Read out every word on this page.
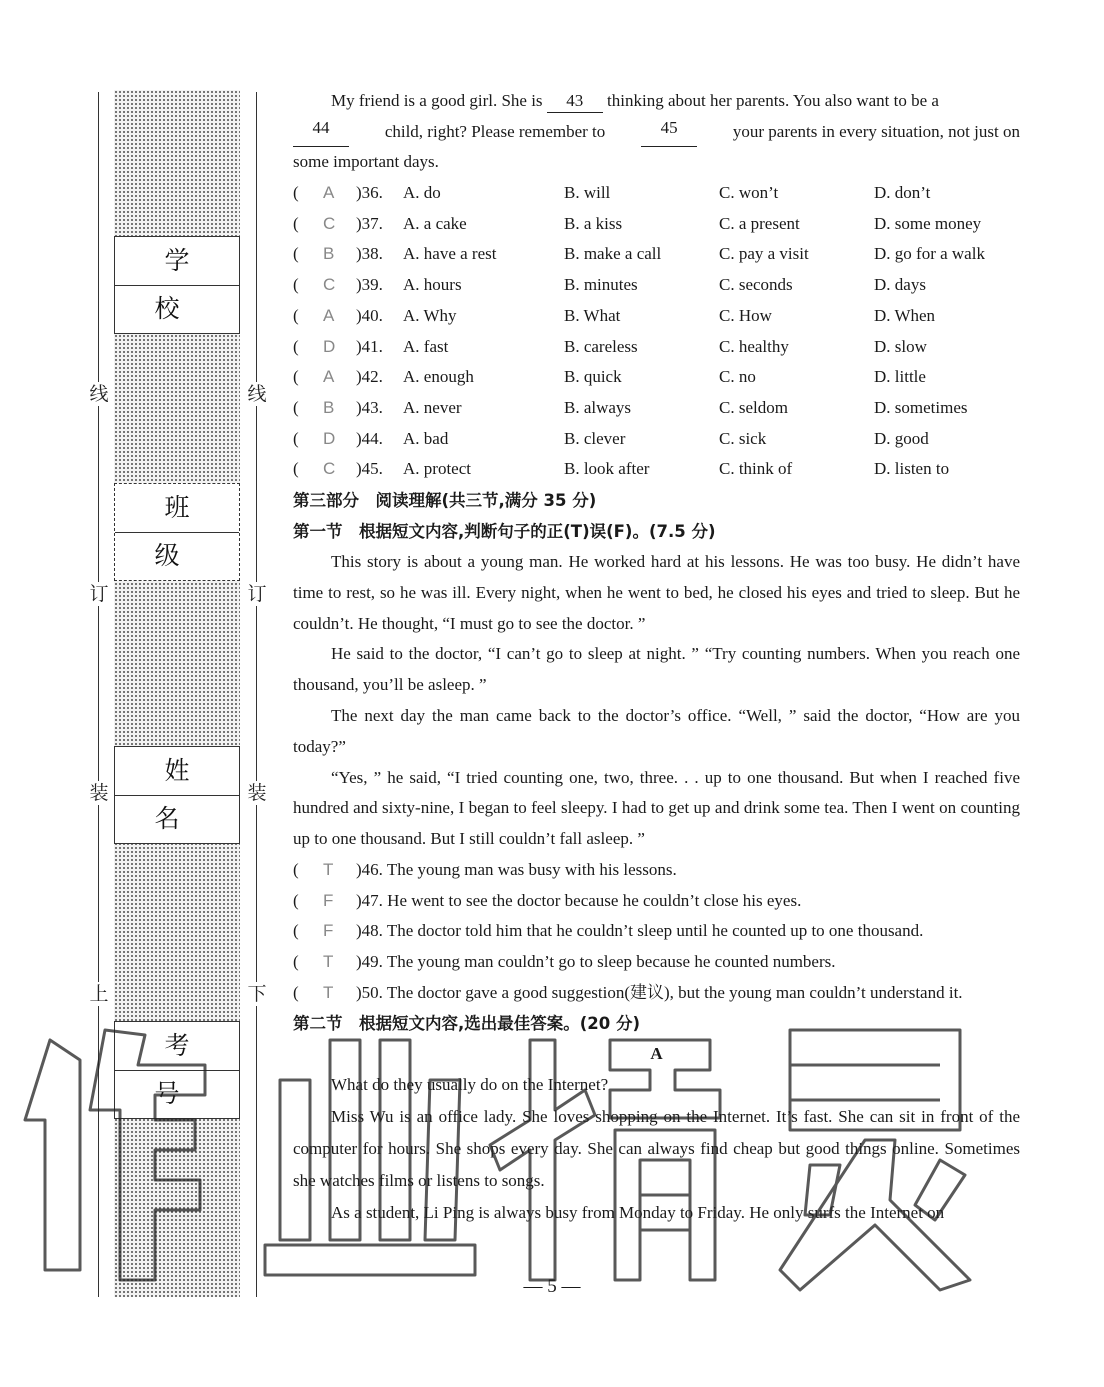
线
订
装
上
线
订
装
下
学 校
班 级
姓 名
考 号
My friend is a good girl. She is 43 thinking about her parents. You also want to be a
44	child, right? Please remember to	45	your parents in every situation, not just on
some important days.
( A )36. A. do	B. will	C. won’t	D. don’t
( C )37. A. a cake	B. a kiss	C. a present	D. some money
( B )38. A. have a rest	B. make a call	C. pay a visit	D. go for a walk
( C )39. A. hours	B. minutes	C. seconds	D. days
( A )40. A. Why	B. What	C. How	D. When
( D )41. A. fast	B. careless	C. healthy	D. slow
( A )42. A. enough	B. quick	C. no	D. little
( B )43. A. never	B. always	C. seldom	D. sometimes
( D )44. A. bad	B. clever	C. sick	D. good
( C )45. A. protect	B. look after	C. think of	D. listen to
第三部分　阅读理解(共三节,满分 35 分)
第一节　根据短文内容,判断句子的正(T)误(F)。(7.5 分)

This story is about a young man. He worked hard at his lessons. He was too busy. He didn’t have time to rest, so he was ill. Every night, when he went to bed, he closed his eyes and tried to sleep. But he couldn’t. He thought, “I must go to see the doctor. ”

He said to the doctor, “I can’t go to sleep at night. ” “Try counting numbers. When you reach one thousand, you’ll be asleep. ”

The next day the man came back to the doctor’s office. “Well, ” said the doctor, “How are you today?”

“Yes, ” he said, “I tried counting one, two, three. . . up to one thousand. But when I reached five hundred and sixty-nine, I began to feel sleepy. I had to get up and drink some tea. Then I went on counting up to one thousand. But I still couldn’t fall asleep. ”

( T )46. The young man was busy with his lessons.
( F )47. He went to see the doctor because he couldn’t close his eyes.
( F )48. The doctor told him that he couldn’t sleep until he counted up to one thousand.
( T )49. The young man couldn’t go to sleep because he counted numbers.
( T )50. The doctor gave a good suggestion(建议), but the young man couldn’t understand it.
第二节　根据短文内容,选出最佳答案。(20 分)
A

What do they usually do on the Internet?

Miss Wu is an office lady. She loves shopping on the Internet. It’s fast. She can sit in front of the computer for hours. She shops every day. She can always find cheap but good things online. Sometimes she watches films or listens to songs.

As a student, Li Ping is always busy from Monday to Friday. He only surfs the Internet on

— 5 —
